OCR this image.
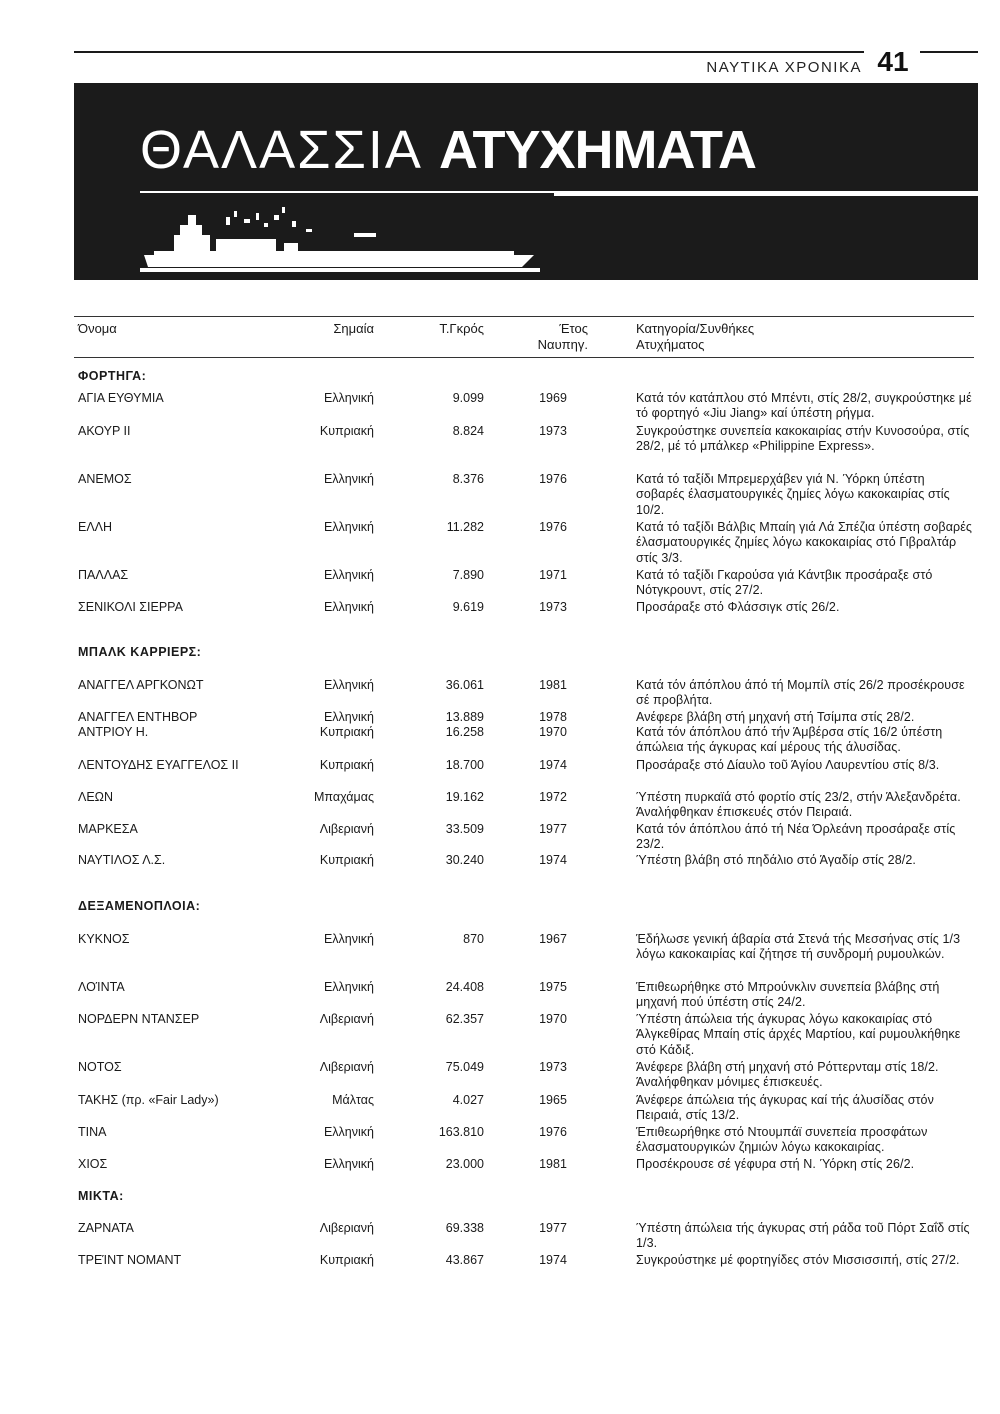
ΝΑΥΤΙΚΑ ΧΡΟΝΙΚΑ 41
ΘΑΛΑΣΣΙΑ ΑΤΥΧΗΜΑΤΑ
Όνομα	Σημαία	Τ.Γκρός	Έτος
Ναυπηγ.
Κατηγορία/Συνθήκες
Ατυχήματος
ΦΟΡΤΗΓΑ:
ΑΓΙΑ ΕΥΘΥΜΙΑ	Ελληνική	9.099	1969	Κατά τόν κατάπλου στό Μπέντι, στίς 28/2, συγκρούστηκε μέ τό φορτηγό «Jiu Jiang» καί ύπέστη ρήγμα.
ΑΚΟΥΡ ΙΙ	Κυπριακή	8.824	1973	Συγκρούστηκε συνεπεία κακοκαιρίας στήν Κυνοσούρα, στίς 28/2, μέ τό μπάλκερ «Philippine Express».
ΑΝΕΜΟΣ	Ελληνική	8.376	1976	Κατά τό ταξίδι Μπρεμερχάβεν γιά Ν. Ύόρκη ύπέστη σοβαρές έλασματουργικές ζημίες λόγω κακοκαιρίας στίς 10/2.
ΕΛΛΗ	Ελληνική	11.282	1976	Κατά τό ταξίδι Βάλβις Μπαίη γιά Λά Σπέζια ύπέστη σοβαρές έλασματουργικές ζημίες λόγω κακοκαιρίας στό Γιβραλτάρ στίς 3/3.
ΠΑΛΛΑΣ	Ελληνική	7.890	1971	Κατά τό ταξίδι Γκαρούσα γιά Κάντβικ προσάραξε στό Νότγκρουντ, στίς 27/2.
ΣΕΝΙΚΟΛΙ ΣΙΕΡΡΑ	Ελληνική	9.619	1973	Προσάραξε στό Φλάσσιγκ στίς 26/2.
ΜΠΑΛΚ ΚΑΡΡΙΕΡΣ:
ΑΝΑΓΓΕΛ ΑΡΓΚΟΝΩΤ	Ελληνική	36.061	1981	Κατά τόν άπόπλου άπό τή Μομπίλ στίς 26/2 προσέκρουσε σέ προβλήτα.
ΑΝΑΓΓΕΛ ΕΝΤΗΒΟΡ	Ελληνική	13.889	1978	Ανέφερε βλάβη στή μηχανή στή Τσίμπα στίς 28/2.
ΑΝΤΡΙΟΥ Η.	Κυπριακή	16.258	1970	Κατά τόν άπόπλου άπό τήν Άμβέρσα στίς 16/2 ύπέστη άπώλεια τής άγκυρας καί μέρους τής άλυσίδας.
ΛΕΝΤΟΥΔΗΣ ΕΥΑΓΓΕΛΟΣ ΙΙ	Κυπριακή	18.700	1974	Προσάραξε στό Δίαυλο τοῦ Άγίου Λαυρεντίου στίς 8/3.
ΛΕΩΝ	Μπαχάμας	19.162	1972	Ύπέστη πυρκαϊά στό φορτίο στίς 23/2, στήν Άλεξανδρέτα. Άναλήφθηκαν έπισκευές στόν Πειραιά.
ΜΑΡΚΕΣΑ	Λιβεριανή	33.509	1977	Κατά τόν άπόπλου άπό τή Νέα Όρλεάνη προσάραξε στίς 23/2.
ΝΑΥΤΙΛΟΣ Λ.Σ.	Κυπριακή	30.240	1974	Ύπέστη βλάβη στό πηδάλιο στό Άγαδίρ στίς 28/2.
ΔΕΞΑΜΕΝΟΠΛΟΙΑ:
ΚΥΚΝΟΣ	Ελληνική	870	1967	Έδήλωσε γενική άβαρία στά Στενά τής Μεσσήνας στίς 1/3 λόγω κακοκαιρίας καί ζήτησε τή συνδρομή ρυμουλκών.
ΛΟΊΝΤΑ	Ελληνική	24.408	1975	Έπιθεωρήθηκε στό Μπρούνκλιν συνεπεία βλάβης στή μηχανή πού ύπέστη στίς 24/2.
ΝΟΡΔΕΡΝ ΝΤΑΝΣΕΡ	Λιβεριανή	62.357	1970	Ύπέστη άπώλεια τής άγκυρας λόγω κακοκαιρίας στό Άλγκεθίρας Μπαίη στίς άρχές Μαρτίου, καί ρυμουλκήθηκε στό Κάδιξ.
ΝΟΤΟΣ	Λιβεριανή	75.049	1973	Άνέφερε βλάβη στή μηχανή στό Ρόττερνταμ στίς 18/2. Άναλήφθηκαν μόνιμες έπισκευές.
ΤΑΚΗΣ (πρ. «Fair Lady»)	Μάλτας	4.027	1965	Άνέφερε άπώλεια τής άγκυρας καί τής άλυσίδας στόν Πειραιά, στίς 13/2.
ΤΙΝΑ	Ελληνική	163.810	1976	Έπιθεωρήθηκε στό Ντουμπάϊ συνεπεία προσφάτων έλασματουργικών ζημιών λόγω κακοκαιρίας.
ΧΙΟΣ	Ελληνική	23.000	1981	Προσέκρουσε σέ γέφυρα στή Ν. Ύόρκη στίς 26/2.
ΜΙΚΤΑ:
ΖΑΡΝΑΤΑ	Λιβεριανή	69.338	1977	Ύπέστη άπώλεια τής άγκυρας στή ράδα τοῦ Πόρτ Σαΐδ στίς 1/3.
ΤΡΕΊΝΤ ΝΟΜΑΝΤ	Κυπριακή	43.867	1974	Συγκρούστηκε μέ φορτηγίδες στόν Μισσισσιπή, στίς 27/2.
